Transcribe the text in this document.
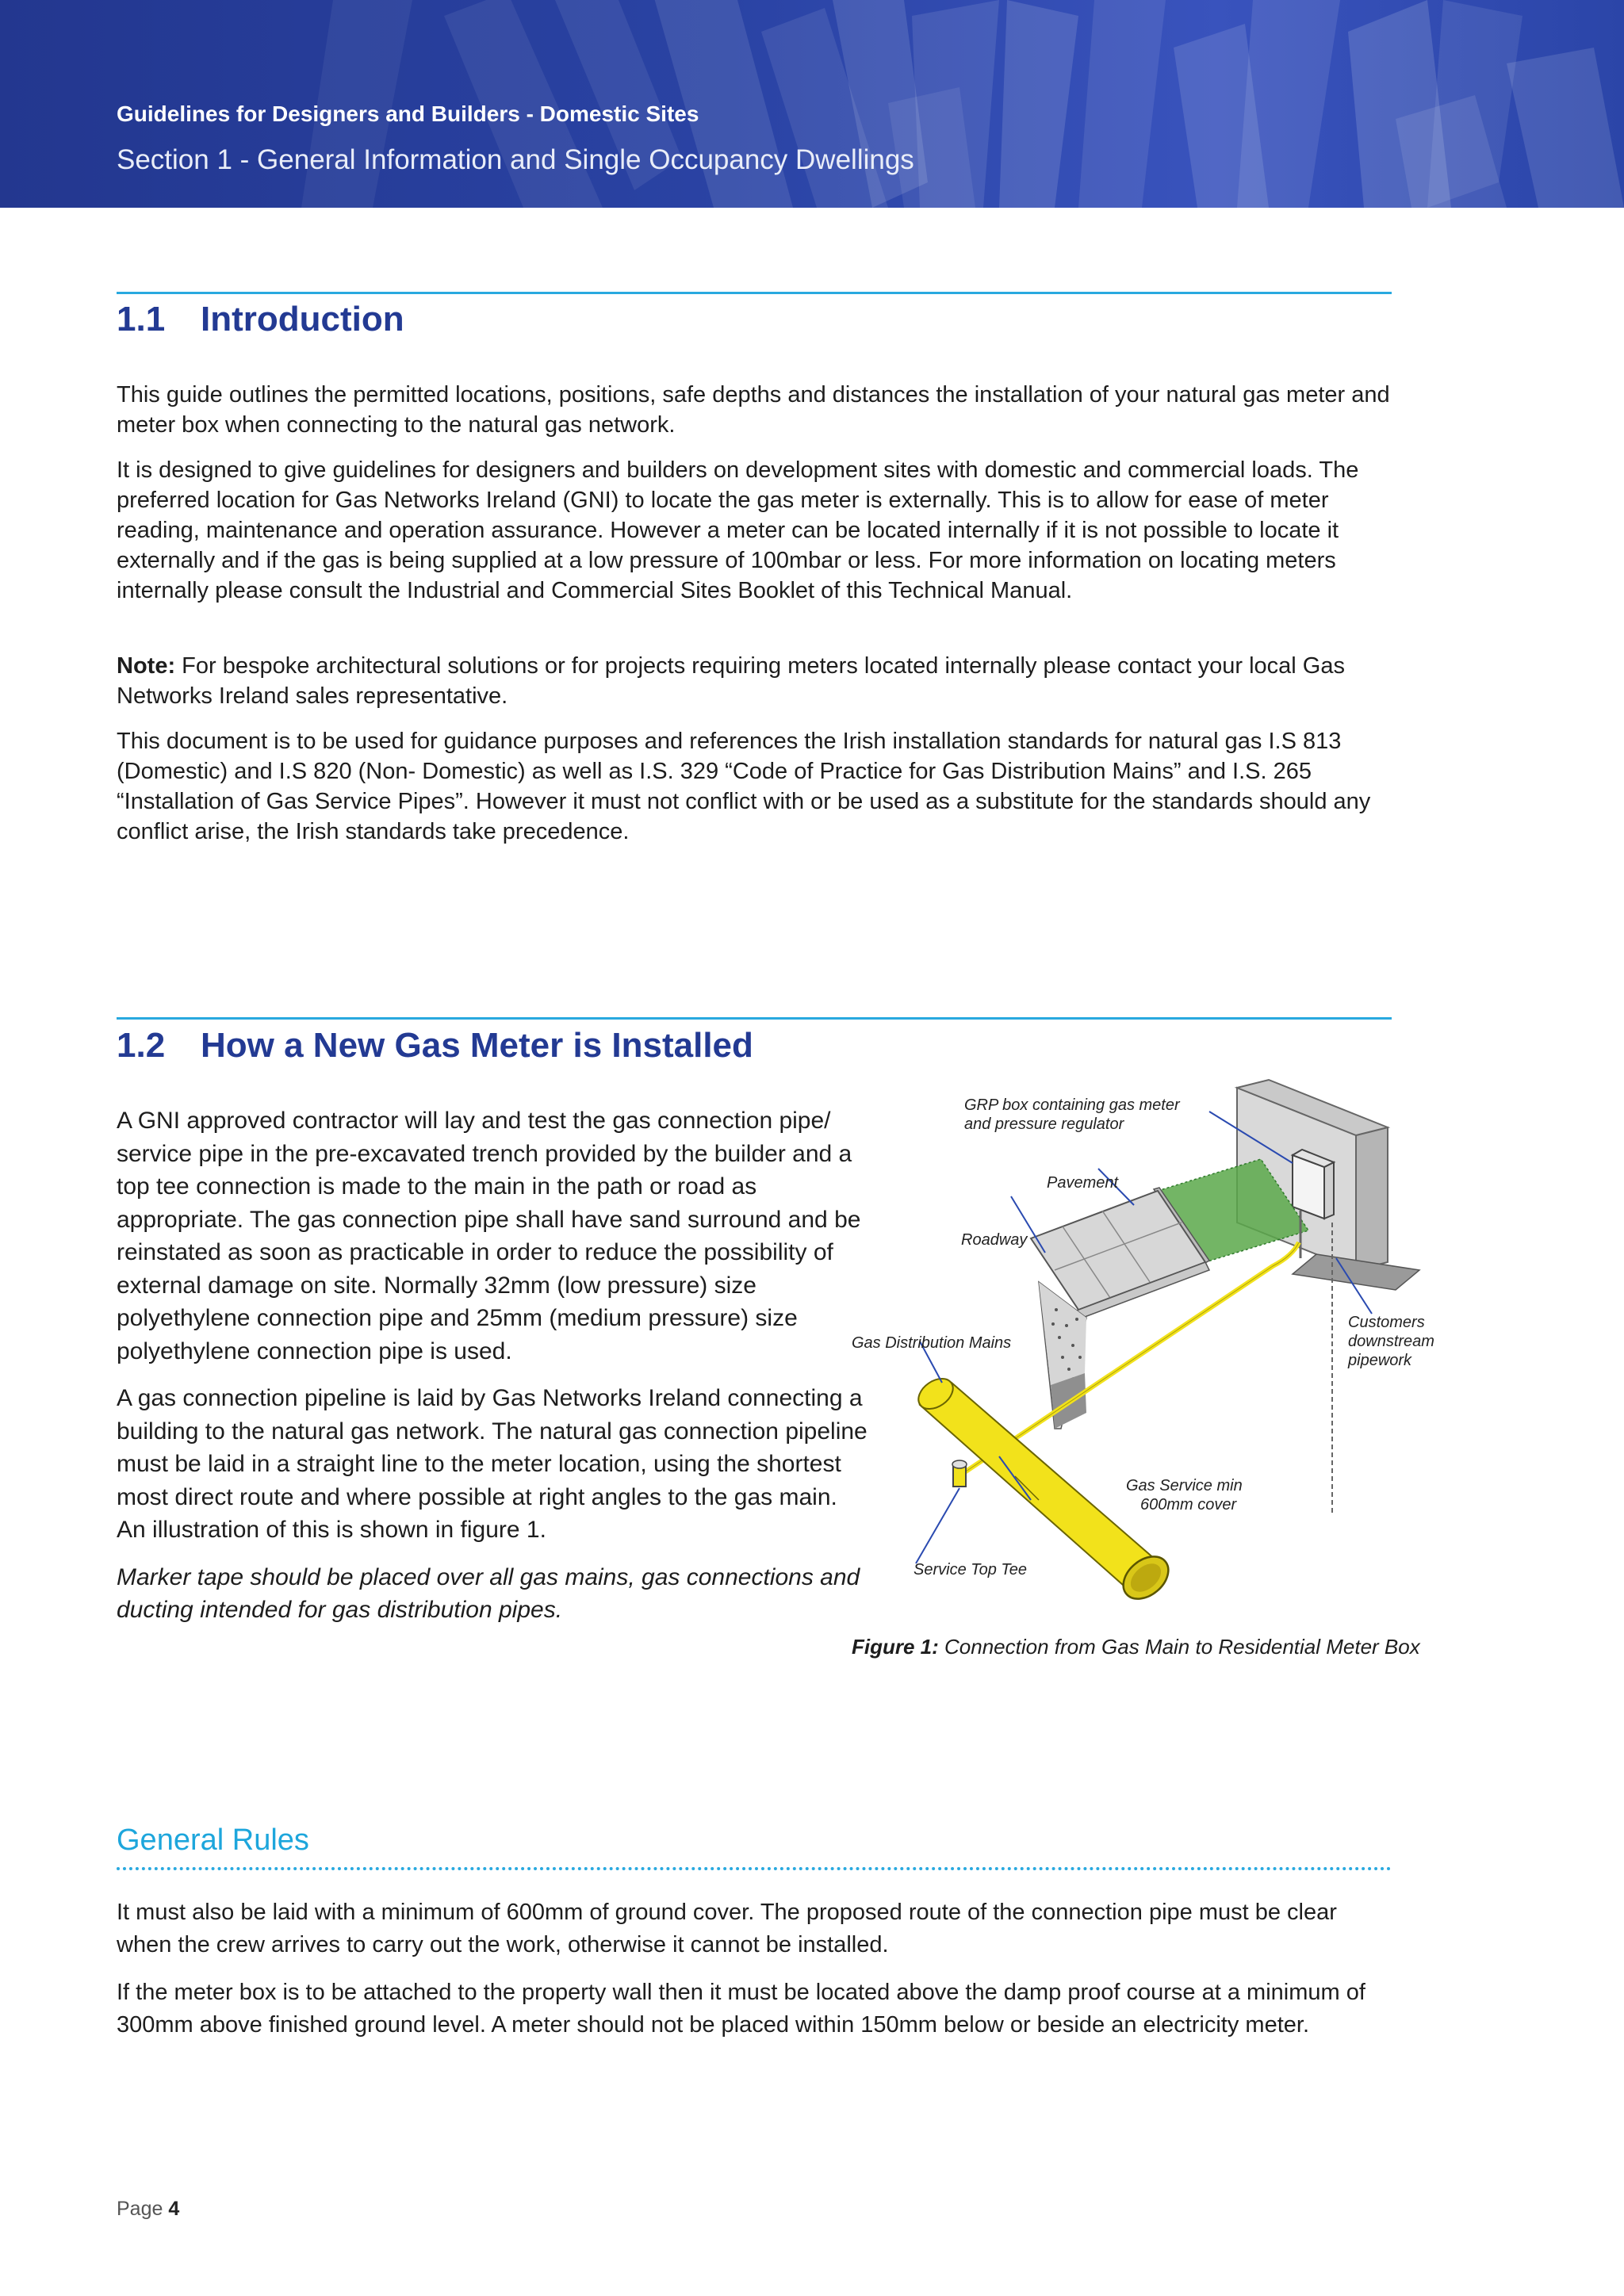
Guidelines for Designers and Builders - Domestic Sites
Section 1 - General Information and Single Occupancy Dwellings
1.1 Introduction

This guide outlines the permitted locations, positions, safe depths and distances the installation of your natural gas meter and meter box when connecting to the natural gas network.

It is designed to give guidelines for designers and builders on development sites with domestic and commercial loads. The preferred location for Gas Networks Ireland (GNI) to locate the gas meter is externally. This is to allow for ease of meter reading, maintenance and operation assurance. However a meter can be located internally if it is not possible to locate it externally and if the gas is being supplied at a low pressure of 100mbar or less. For more information on locating meters internally please consult the Industrial and Commercial Sites Booklet of this Technical Manual.

Note: For bespoke architectural solutions or for projects requiring meters located internally please contact your local Gas Networks Ireland sales representative.

This document is to be used for guidance purposes and references the Irish installation standards for natural gas I.S 813 (Domestic) and I.S 820 (Non- Domestic) as well as I.S. 329 “Code of Practice for Gas Distribution Mains” and I.S. 265 “Installation of Gas Service Pipes”. However it must not conflict with or be used as a substitute for the standards should any conflict arise, the Irish standards take precedence.

1.2 How a New Gas Meter is Installed

A GNI approved contractor will lay and test the gas connection pipe/ service pipe in the pre-excavated trench provided by the builder and a top tee connection is made to the main in the path or road as appropriate. The gas connection pipe shall have sand surround and be reinstated as soon as practicable in order to reduce the possibility of external damage on site. Normally 32mm (low pressure) size polyethylene connection pipe and 25mm (medium pressure) size polyethylene connection pipe is used.

A gas connection pipeline is laid by Gas Networks Ireland connecting a building to the natural gas network. The natural gas connection pipeline must be laid in a straight line to the meter location, using the shortest most direct route and where possible at right angles to the gas main. An illustration of this is shown in figure 1.

Marker tape should be placed over all gas mains, gas connections and ducting intended for gas distribution pipes.

GRP box containing gas meter
and pressure regulator
Pavement
Roadway
Gas Distribution Mains
Customers
downstream
pipework
Gas Service min
600mm cover
Service Top Tee
Figure 1: Connection from Gas Main to Residential Meter Box
General Rules

It must also be laid with a minimum of 600mm of ground cover. The proposed route of the connection pipe must be clear when the crew arrives to carry out the work, otherwise it cannot be installed.

If the meter box is to be attached to the property wall then it must be located above the damp proof course at a minimum of 300mm above finished ground level. A meter should not be placed within 150mm below or beside an electricity meter.

Page 4
